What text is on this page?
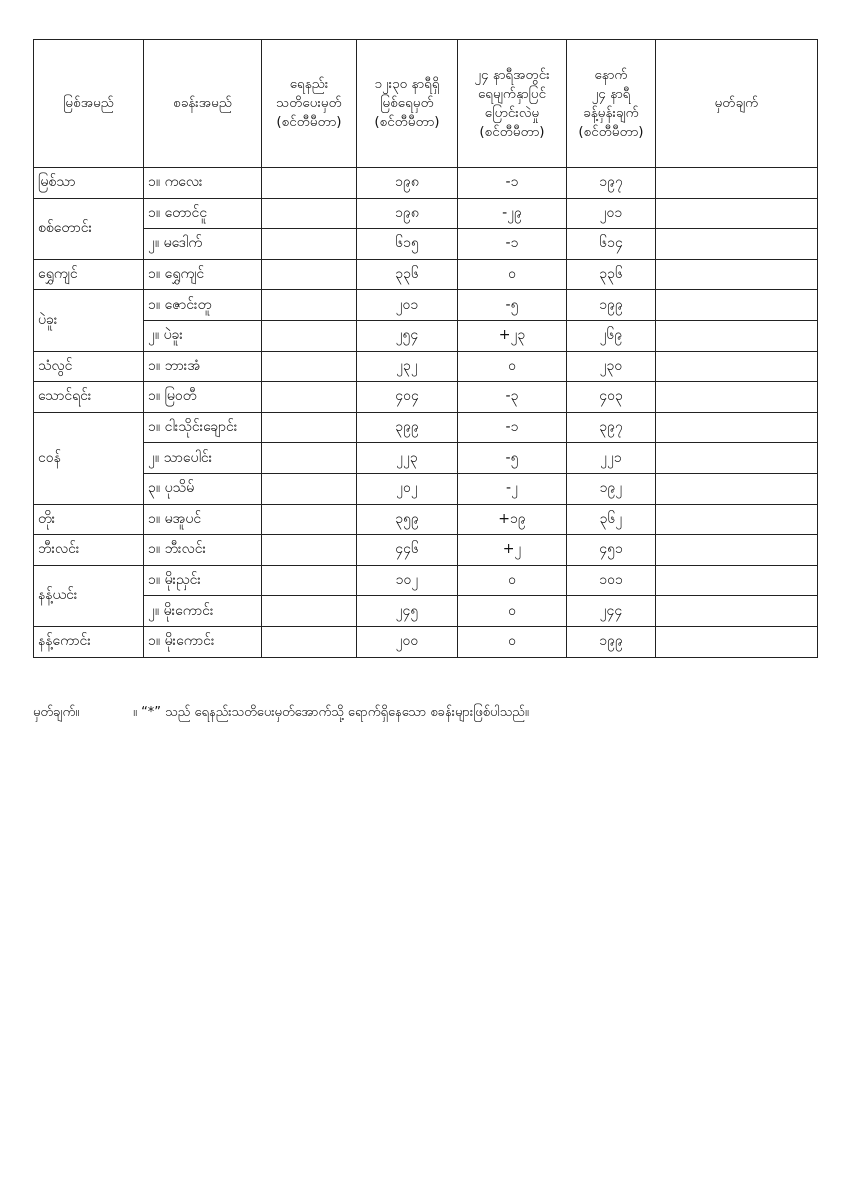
မြစ်အမည်	စခန်းအမည်	ရေနည်း
သတိပေးမှတ်
(စင်တီမီတာ)	၁၂း၃၀ နာရီရှိ
မြစ်ရေမှတ်
(စင်တီမီတာ)	၂၄ နာရီအတွင်း
ရေမျက်နှာပြင်
ပြောင်းလဲမှု
(စင်တီမီတာ)	နောက်
၂၄ နာရီ
ခန့်မှန်းချက်
(စင်တီမီတာ)	မှတ်ချက်
မြစ်သာ	၁။ ကလေး		၁၉၈	-၁	၁၉၇	
စစ်တောင်း	၁။ တောင်ငူ		၁၉၈	-၂၉	၂၀၁	
	၂။ မဒေါက်		၆၁၅	-၁	၆၁၄	
ရွှေကျင်	၁။ ရွှေကျင်		၃၃၆	၀	၃၃၆	
ပဲခူး	၁။ ဇောင်းတူ		၂၀၁	-၅	၁၉၉	
	၂။ ပဲခူး		၂၅၄	+၂၃	၂၆၉	
သံလွင်	၁။ ဘားအံ		၂၃၂	၀	၂၃၀	
သောင်ရင်း	၁။ မြဝတီ		၄၀၄	-၃	၄၀၃	
ငဝန်	၁။ ငါးသိုင်းချောင်း		၃၉၉	-၁	၃၉၇	
	၂။ သာပေါင်း		၂၂၃	-၅	၂၂၁	
	၃။ ပုသိမ်		၂၀၂	-၂	၁၉၂	
တိုး	၁။ မအူပင်		၃၅၉	+၁၉	၃၆၂	
ဘီးလင်း	၁။ ဘီးလင်း		၄၄၆	+၂	၄၅၁	
နန့်ယင်း	၁။ မိုးညှင်း		၁၀၂	၀	၁၀၁	
	၂။ မိုးကောင်း		၂၄၅	၀	၂၄၄	
နန့်ကောင်း	၁။ မိုးကောင်း		၂၀၀	၀	၁၉၉	
မှတ်ချက်။	။ “*” သည် ရေနည်းသတိပေးမှတ်အောက်သို့ ရောက်ရှိနေသော စခန်းများဖြစ်ပါသည်။
